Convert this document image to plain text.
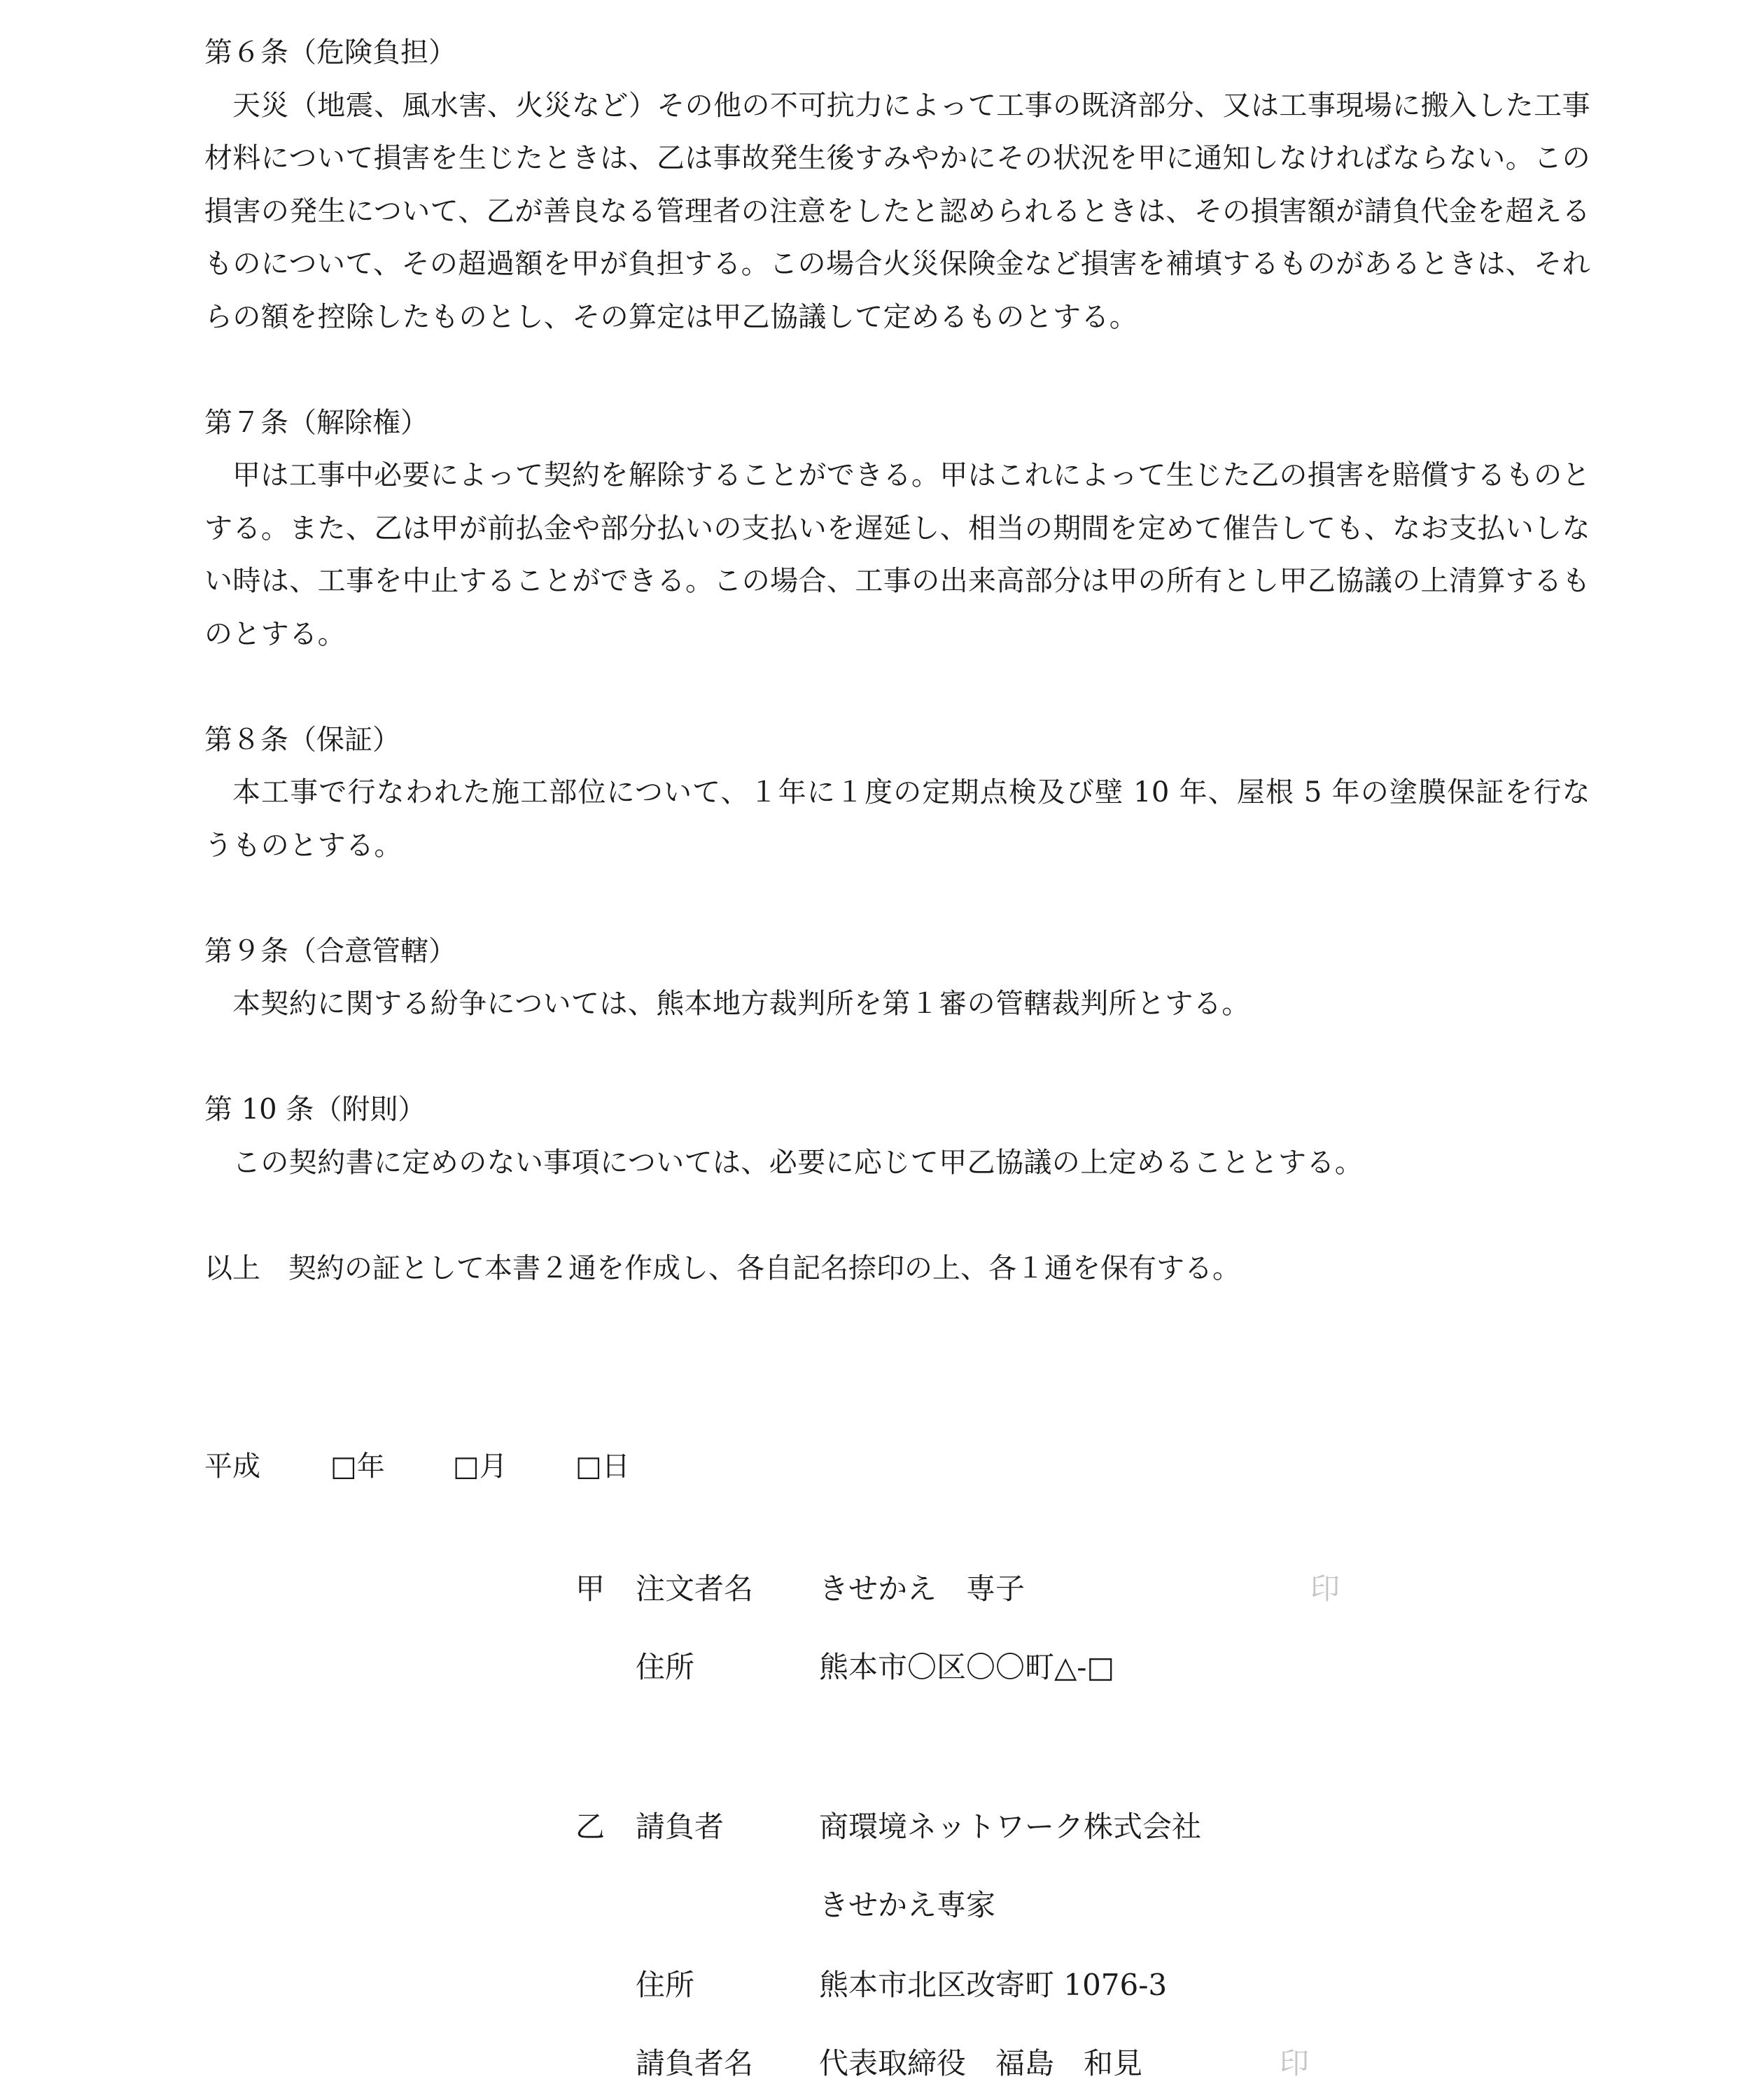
第６条（危険負担）

天災（地震、風水害、火災など）その他の不可抗力によって工事の既済部分、又は工事現場に搬入した工事材料について損害を生じたときは、乙は事故発生後すみやかにその状況を甲に通知しなければならない。この損害の発生について、乙が善良なる管理者の注意をしたと認められるときは、その損害額が請負代金を超えるものについて、その超過額を甲が負担する。この場合火災保険金など損害を補填するものがあるときは、それらの額を控除したものとし、その算定は甲乙協議して定めるものとする。

第７条（解除権）

甲は工事中必要によって契約を解除することができる。甲はこれによって生じた乙の損害を賠償するものとする。また、乙は甲が前払金や部分払いの支払いを遅延し、相当の期間を定めて催告しても、なお支払いしない時は、工事を中止することができる。この場合、工事の出来高部分は甲の所有とし甲乙協議の上清算するものとする。

第８条（保証）

本工事で行なわれた施工部位について、１年に１度の定期点検及び壁 10 年、屋根 5 年の塗膜保証を行なうものとする。

第９条（合意管轄）

本契約に関する紛争については、熊本地方裁判所を第１審の管轄裁判所とする。

第 10 条（附則）

この契約書に定めのない事項については、必要に応じて甲乙協議の上定めることとする。

以上　契約の証として本書２通を作成し、各自記名捺印の上、各１通を保有する。

平成	□年 □月 □日
甲 注文者名 きせかえ　専子	印
住所	熊本市〇区〇〇町△-□
乙 請負者	商環境ネットワーク株式会社
きせかえ専家
住所	熊本市北区改寄町 1076-3
請負者名 代表取締役　福島　和見	印
